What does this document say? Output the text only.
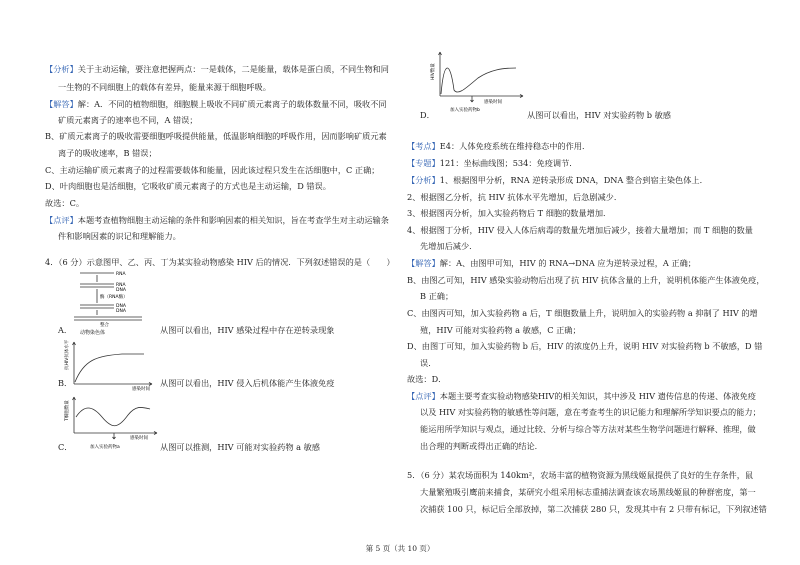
【分析】关于主动运输，要注意把握两点：一是载体，二是能量，载体是蛋白质，不同生物和同
一生物的不同细胞上的载体有差异，能量来源于细胞呼吸。
【解答】解：A．不同的植物细胞，细胞膜上吸收不同矿质元素离子的载体数量不同，吸收不同
矿质元素离子的速率也不同，A 错误；
B、矿质元素离子的吸收需要细胞呼吸提供能量，低温影响细胞的呼吸作用，因而影响矿质元素
离子的吸收速率，B 错误；
C、主动运输矿质元素离子的过程需要载体和能量，因此该过程只发生在活细胞中，C 正确；
D、叶肉细胞也是活细胞，它吸收矿质元素离子的方式也是主动运输，D 错误。
故选：C。
【点评】本题考查植物细胞主动运输的条件和影响因素的相关知识，旨在考查学生对主动运输条
件和影响因素的识记和理解能力。
4．（6 分）示意图甲、乙、丙、丁为某实验动物感染 HIV 后的情况．下列叙述错误的是（　　）
RNA
RNA
DNA
酶（RNA酶）
DNA
DNA
整合
动物染色体
A．	从图可以看出，HIV 感染过程中存在逆转录现象
抗HIV抗体水平
感染时间
从图可以看出，HIV 侵入后机体能产生体液免疫
B．
感染时间
T细胞数量
加入实验药物a
C．	从图可以推测，HIV 可能对实验药物 a 敏感
HIV数量
感染时间
加入实验药物b
D．	从图可以看出，HIV 对实验药物 b 敏感
【考点】E4：人体免疫系统在维持稳态中的作用．
【专题】121：坐标曲线图；534：免疫调节．
【分析】1、根据图甲分析，RNA 逆转录形成 DNA，DNA 整合到宿主染色体上．
2、根据图乙分析，抗 HIV 抗体水平先增加，后急剧减少．
3、根据图丙分析，加入实验药物后 T 细胞的数量增加．
4、根据图丁分析，HIV 侵入人体后病毒的数量先增加后减少，接着大量增加；而 T 细胞的数量
先增加后减少．
【解答】解：A、由图甲可知，HIV 的 RNA→DNA 应为逆转录过程，A 正确；
B、由图乙可知，HIV 感染实验动物后出现了抗 HIV 抗体含量的上升，说明机体能产生体液免疫，
B 正确；
C、由图丙可知，加入实验药物 a 后，T 细胞数量上升，说明加入的实验药物 a 抑制了 HIV 的增
殖，HIV 可能对实验药物 a 敏感，C 正确；
D、由图丁可知，加入实验药物 b 后，HIV 的浓度仍上升，说明 HIV 对实验药物 b 不敏感，D 错
误．
故选：D．
【点评】本题主要考查实验动物感染HIV的相关知识，其中涉及 HIV 遗传信息的传递、体液免疫
以及 HIV 对实验药物的敏感性等问题，意在考查考生的识记能力和理解所学知识要点的能力；
能运用所学知识与观点，通过比较、分析与综合等方法对某些生物学问题进行解释、推理，做
出合理的判断或得出正确的结论．
5．（6 分）某农场面积为 140km²，农场丰富的植物资源为黑线姬鼠提供了良好的生存条件，鼠
大量繁殖吸引鹰前来捕食，某研究小组采用标志重捕法调查该农场黑线姬鼠的种群密度，第一
次捕获 100 只，标记后全部放掉，第二次捕获 280 只，发现其中有 2 只带有标记，下列叙述错
第 5 页（共 10 页）
